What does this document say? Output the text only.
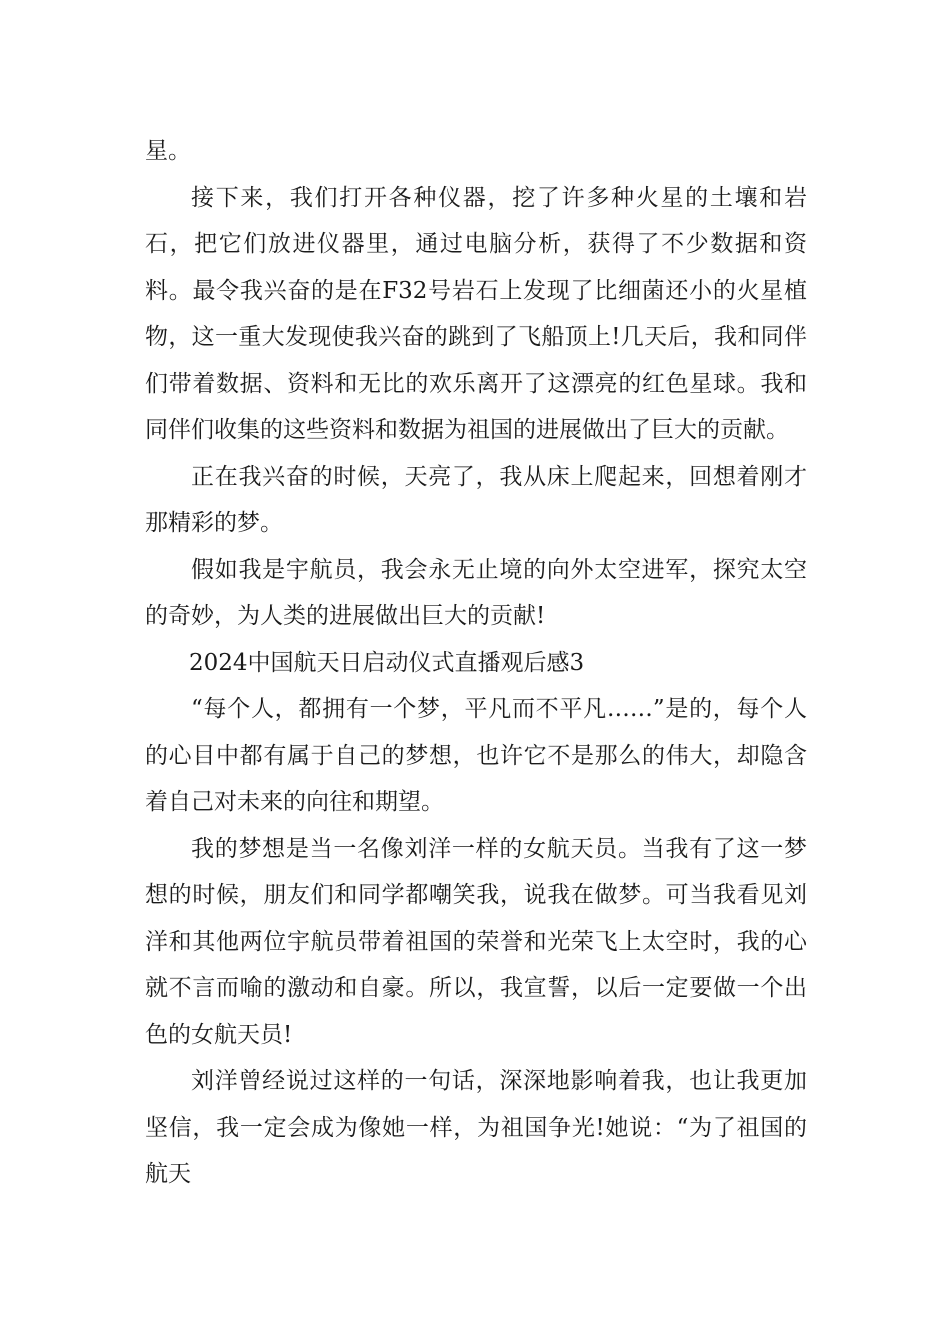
星。

接下来，我们打开各种仪器，挖了许多种火星的土壤和岩石，把它们放进仪器里，通过电脑分析，获得了不少数据和资料。最令我兴奋的是在F32号岩石上发现了比细菌还小的火星植物，这一重大发现使我兴奋的跳到了飞船顶上!几天后，我和同伴们带着数据、资料和无比的欢乐离开了这漂亮的红色星球。我和同伴们收集的这些资料和数据为祖国的进展做出了巨大的贡献。

正在我兴奋的时候，天亮了，我从床上爬起来，回想着刚才那精彩的梦。

假如我是宇航员，我会永无止境的向外太空进军，探究太空的奇妙，为人类的进展做出巨大的贡献!

2024中国航天日启动仪式直播观后感3

“每个人，都拥有一个梦，平凡而不平凡……”是的，每个人的心目中都有属于自己的梦想，也许它不是那么的伟大，却隐含着自己对未来的向往和期望。

我的梦想是当一名像刘洋一样的女航天员。当我有了这一梦想的时候，朋友们和同学都嘲笑我，说我在做梦。可当我看见刘洋和其他两位宇航员带着祖国的荣誉和光荣飞上太空时，我的心就不言而喻的激动和自豪。所以，我宣誓，以后一定要做一个出色的女航天员!

刘洋曾经说过这样的一句话，深深地影响着我，也让我更加坚信，我一定会成为像她一样，为祖国争光!她说：“为了祖国的航天
